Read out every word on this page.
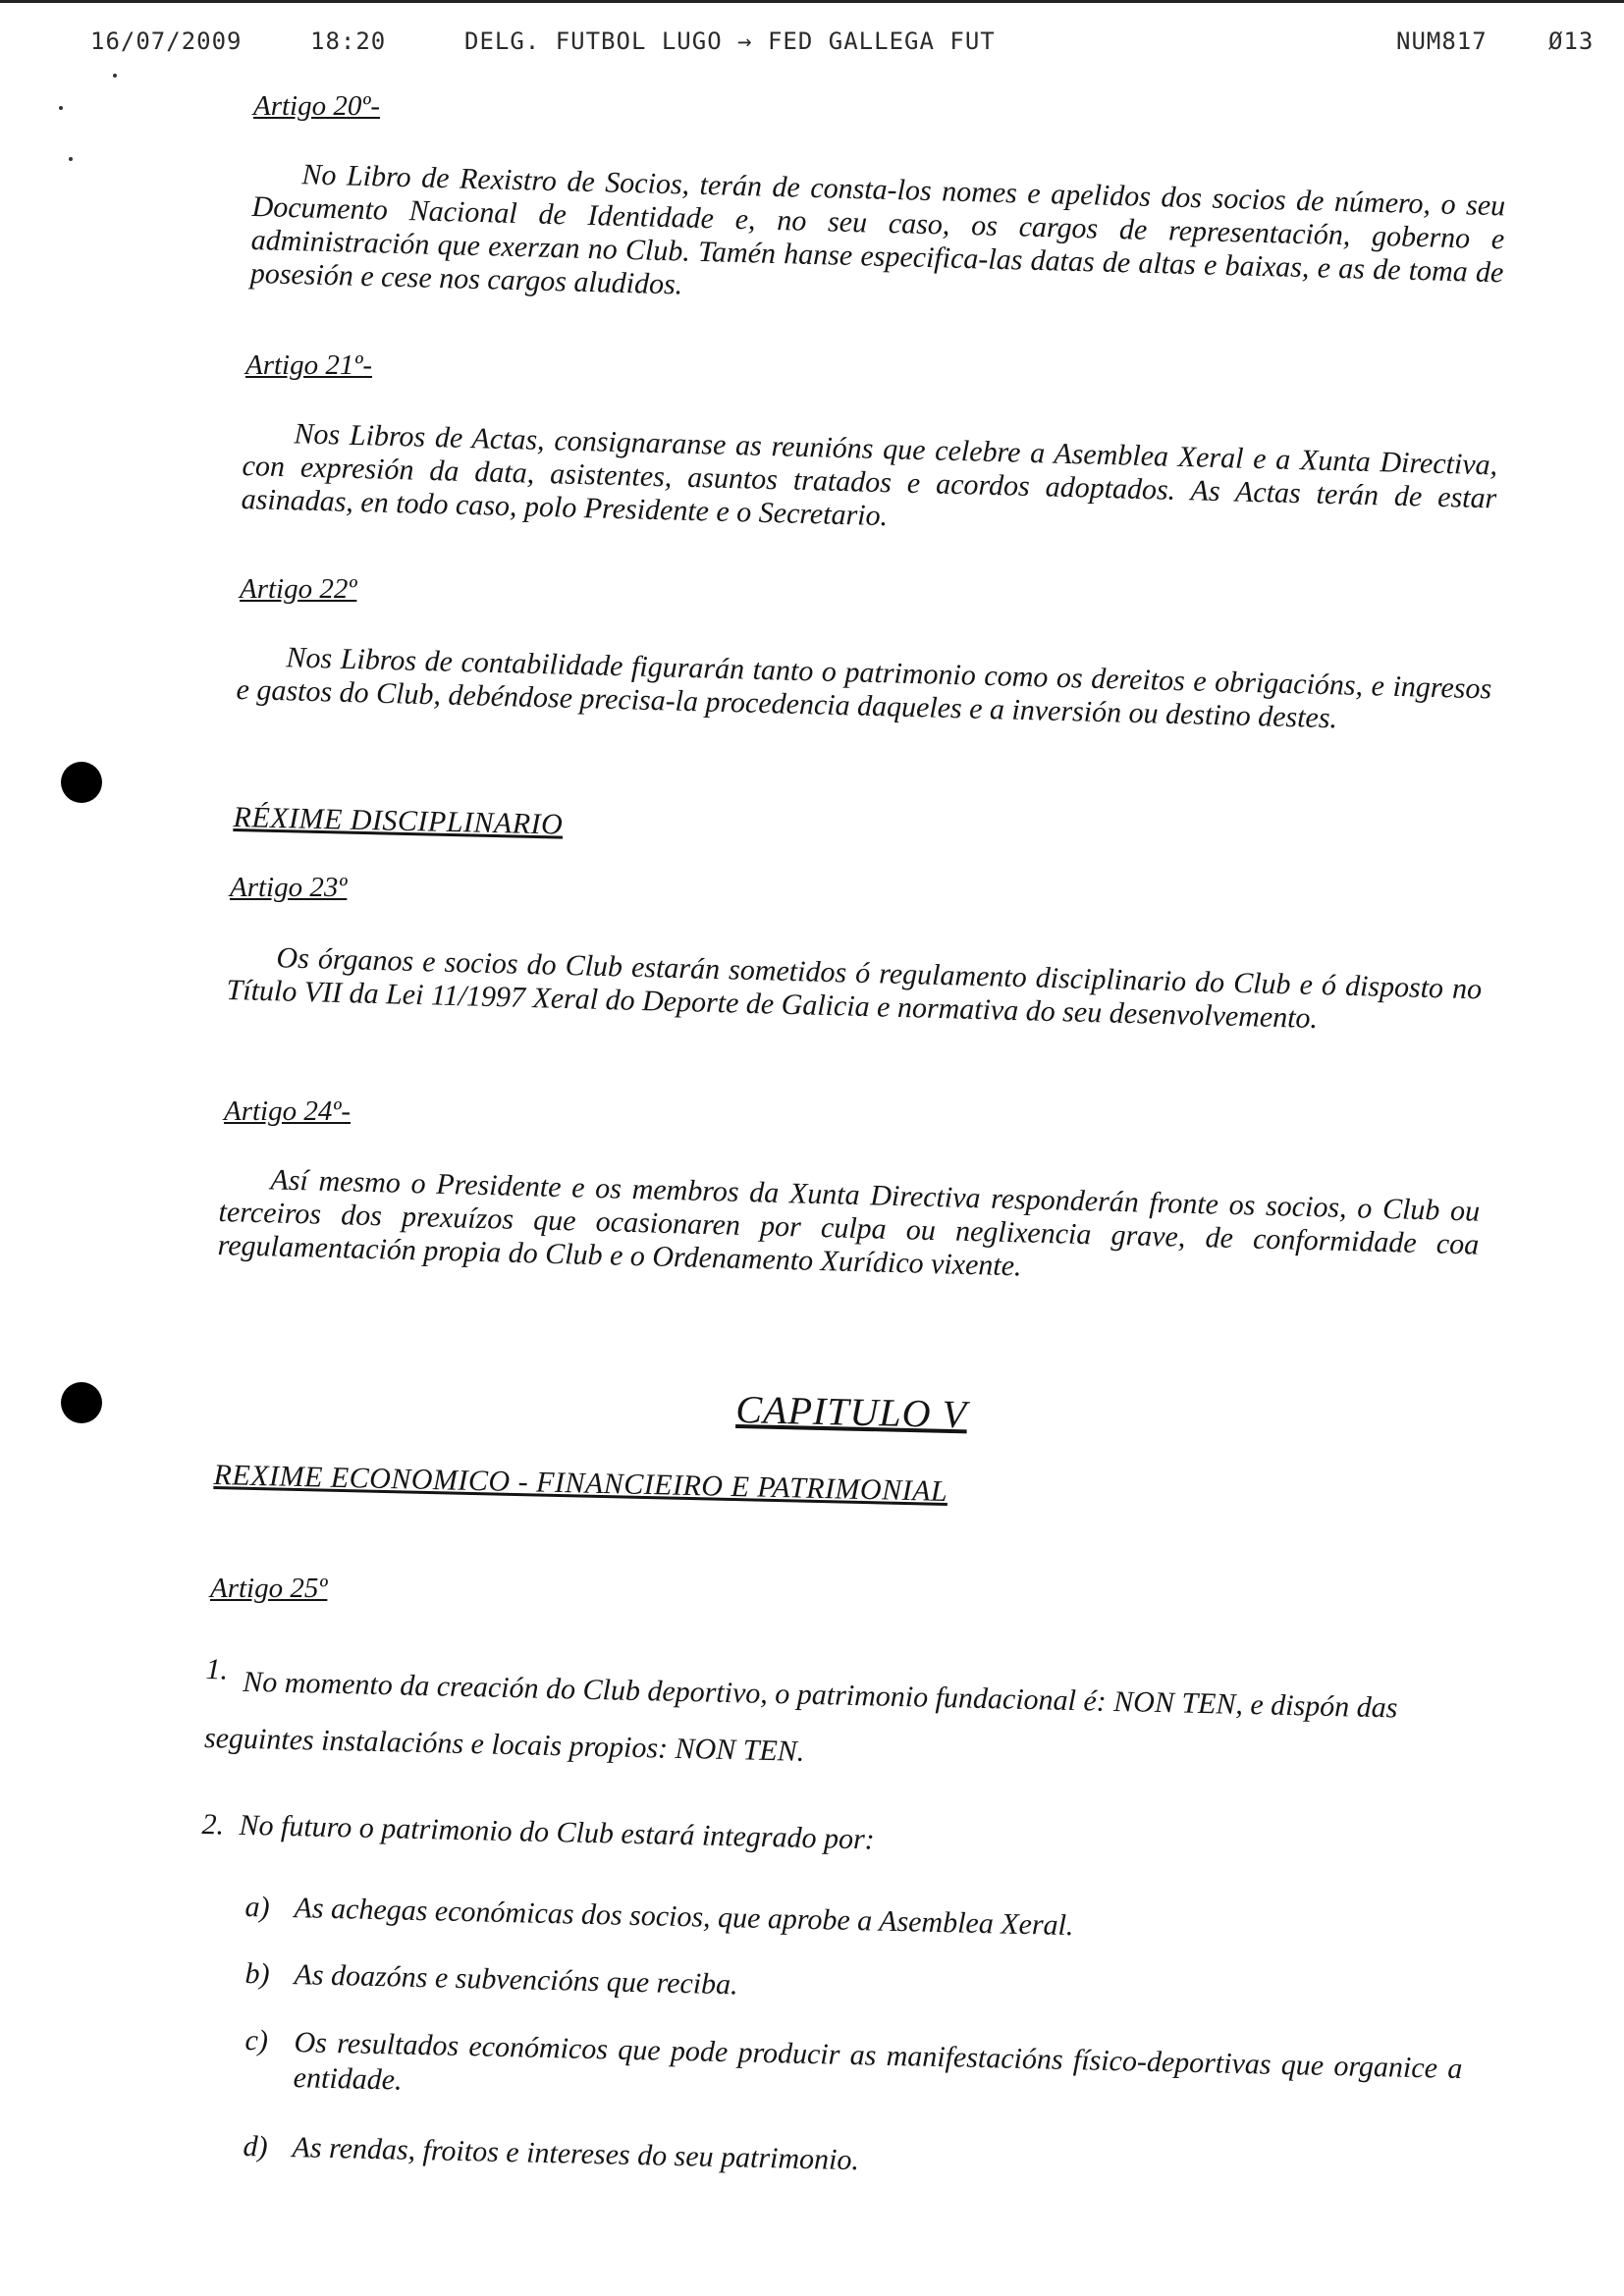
16/07/2009	18:20	DELG. FUTBOL LUGO → FED GALLEGA FUT	NUM817	Ø13
Artigo 20º-
No Libro de Rexistro de Socios, terán de consta-los nomes e apelidos dos socios de número, o seu Documento Nacional de Identidade e, no seu caso, os cargos de representación, goberno e administración que exerzan no Club. Tamén hanse especifica-las datas de altas e baixas, e as de toma de posesión e cese nos cargos aludidos.
Artigo 21º-
Nos Libros de Actas, consignaranse as reunións que celebre a Asemblea Xeral e a Xunta Directiva, con expresión da data, asistentes, asuntos tratados e acordos adoptados. As Actas terán de estar asinadas, en todo caso, polo Presidente e o Secretario.
Artigo 22º
Nos Libros de contabilidade figurarán tanto o patrimonio como os dereitos e obrigacións, e ingresos e gastos do Club, debéndose precisa-la procedencia daqueles e a inversión ou destino destes.
RÉXIME DISCIPLINARIO
Artigo 23º
Os órganos e socios do Club estarán sometidos ó regulamento disciplinario do Club e ó disposto no Título VII da Lei 11/1997 Xeral do Deporte de Galicia e normativa do seu desenvolvemento.
Artigo 24º-
Así mesmo o Presidente e os membros da Xunta Directiva responderán fronte os socios, o Club ou terceiros dos prexuízos que ocasionaren por culpa ou neglixencia grave, de conformidade coa regulamentación propia do Club e o Ordenamento Xurídico vixente.
CAPITULO V
REXIME ECONOMICO - FINANCIEIRO E PATRIMONIAL
Artigo 25º
1. No momento da creación do Club deportivo, o patrimonio fundacional é: NON TEN, e dispón das seguintes instalacións e locais propios: NON TEN.
2. No futuro o patrimonio do Club estará integrado por:
a) As achegas económicas dos socios, que aprobe a Asemblea Xeral.
b) As doazóns e subvencións que reciba.
c) Os resultados económicos que pode producir as manifestacións físico-deportivas que organice a entidade.
d) As rendas, froitos e intereses do seu patrimonio.
